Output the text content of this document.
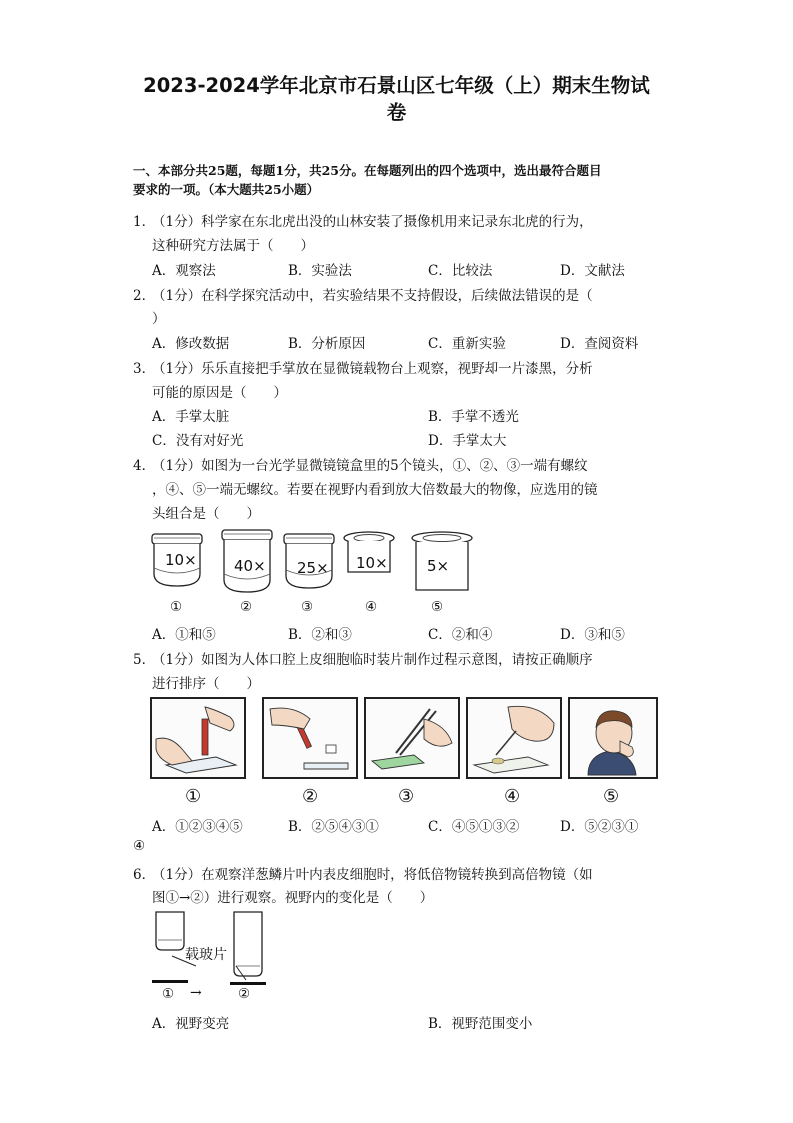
2023-2024学年北京市石景山区七年级（上）期末生物试
卷
一、本部分共25题，每题1分，共25分。在每题列出的四个选项中，选出最符合题目
要求的一项。（本大题共25小题）
1．
（1分）科学家在东北虎出没的山林安装了摄像机用来记录东北虎的行为，
这种研究方法属于（　　）
A．观察法	B．实验法	C．比较法	D．文献法
2．
（1分）在科学探究活动中，若实验结果不支持假设，后续做法错误的是（
）
A．修改数据	B．分析原因	C．重新实验	D．查阅资料
3．
（1分）乐乐直接把手掌放在显微镜载物台上观察，视野却一片漆黑，分析
可能的原因是（　　）
A．手掌太脏	B．手掌不透光
C．没有对好光	D．手掌太大
4．
（1分）如图为一台光学显微镜镜盒里的5个镜头，①、②、③一端有螺纹
，④、⑤一端无螺纹。若要在视野内看到放大倍数最大的物像，应选用的镜
头组合是（　　）
10× 40× 25× 10×	5×
①	②	③	④	⑤
A．①和⑤	B．②和③	C．②和④	D．③和⑤
5．
（1分）如图为人体口腔上皮细胞临时装片制作过程示意图，请按正确顺序
进行排序（　　）
①	②	③	④	⑤
A．①②③④⑤	B．②⑤④③①	C．④⑤①③②	D．⑤②③①
④
6．
（1分）在观察洋葱鳞片叶内表皮细胞时，将低倍物镜转换到高倍物镜（如
图①→②）进行观察。视野内的变化是（　　）
载玻片
① →	②
A．视野变亮	B．视野范围变小
